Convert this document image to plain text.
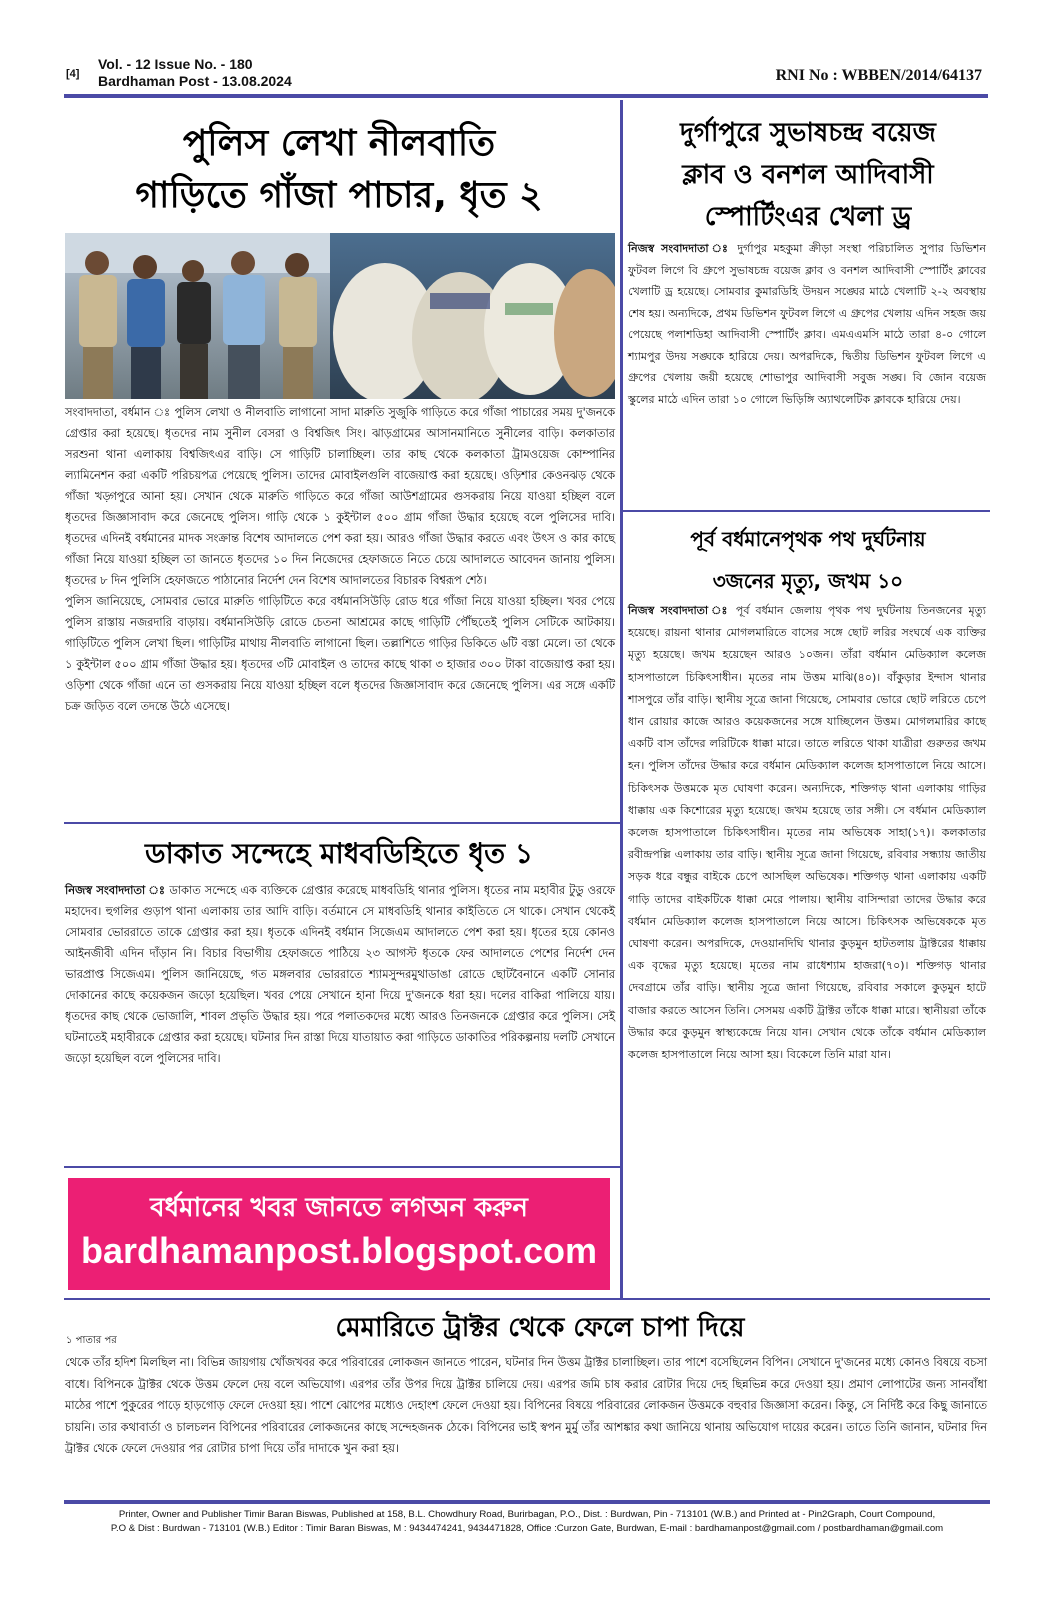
[4]
Vol. - 12 Issue No. - 180
Bardhaman Post - 13.08.2024	RNI No : WBBEN/2014/64137
পুলিস লেখা নীলবাতি
গাড়িতে গাঁজা পাচার, ধৃত ২

সংবাদদাতা, বর্ধমান ঃ পুলিস লেখা ও নীলবাতি লাগানো সাদা মারুতি সুজুকি গাড়িতে করে গাঁজা পাচারের সময় দু'জনকে গ্রেপ্তার করা হয়েছে। ধৃতদের নাম সুনীল বেসরা ও বিশ্বজিৎ সিং। ঝাড়গ্রামের আসানমানিতে সুনীলের বাড়ি। কলকাতার সরশুনা থানা এলাকায় বিশ্বজিৎএর বাড়ি। সে গাড়িটি চালাচ্ছিল। তার কাছ থেকে কলকাতা ট্রামওয়েজ কোম্পানির ল্যামিনেশন করা একটি পরিচয়পত্র পেয়েছে পুলিস। তাদের মোবাইলগুলি বাজেয়াপ্ত করা হয়েছে। ওড়িশার কেওনঝড় থেকে গাঁজা খড়্গপুরে আনা হয়। সেখান থেকে মারুতি গাড়িতে করে গাঁজা আউশগ্রামের গুসকরায় নিয়ে যাওয়া হচ্ছিল বলে ধৃতদের জিজ্ঞাসাবাদ করে জেনেছে পুলিস। গাড়ি থেকে ১ কুইন্টাল ৫০০ গ্রাম গাঁজা উদ্ধার হয়েছে বলে পুলিসের দাবি। ধৃতদের এদিনই বর্ধমানের মাদক সংক্রান্ত বিশেষ আদালতে পেশ করা হয়। আরও গাঁজা উদ্ধার করতে এবং উৎস ও কার কাছে গাঁজা নিয়ে যাওয়া হচ্ছিল তা জানতে ধৃতদের ১০ দিন নিজেদের হেফাজতে নিতে চেয়ে আদালতে আবেদন জানায় পুলিস। ধৃতদের ৮ দিন পুলিসি হেফাজতে পাঠানোর নির্দেশ দেন বিশেষ আদালতের বিচারক বিশ্বরূপ শেঠ।

পুলিস জানিয়েছে, সোমবার ভোরে মারুতি গাড়িটিতে করে বর্ধমানসিউড়ি রোড ধরে গাঁজা নিয়ে যাওয়া হচ্ছিল। খবর পেয়ে পুলিস রাস্তায় নজরদারি বাড়ায়। বর্ধমানসিউড়ি রোডে চেতনা আশ্রমের কাছে গাড়িটি পৌঁছতেই পুলিস সেটিকে আটকায়। গাড়িটিতে পুলিস লেখা ছিল। গাড়িটির মাথায় নীলবাতি লাগানো ছিল। তল্লাশিতে গাড়ির ডিকিতে ৬টি বস্তা মেলে। তা থেকে ১ কুইন্টাল ৫০০ গ্রাম গাঁজা উদ্ধার হয়। ধৃতদের ৩টি মোবাইল ও তাদের কাছে থাকা ৩ হাজার ৩০০ টাকা বাজেয়াপ্ত করা হয়। ওড়িশা থেকে গাঁজা এনে তা গুসকরায় নিয়ে যাওয়া হচ্ছিল বলে ধৃতদের জিজ্ঞাসাবাদ করে জেনেছে পুলিস। এর সঙ্গে একটি চক্র জড়িত বলে তদন্তে উঠে এসেছে।

ডাকাত সন্দেহে মাধবডিহিতে ধৃত ১

নিজস্ব সংবাদদাতা ঃ ডাকাত সন্দেহে এক ব্যক্তিকে গ্রেপ্তার করেছে মাধবডিহি থানার পুলিস। ধৃতের নাম মহাবীর টুডু ওরফে মহাদেব। হুগলির গুড়াপ থানা এলাকায় তার আদি বাড়ি। বর্তমানে সে মাধবডিহি থানার কাইতিতে সে থাকে। সেখান থেকেই সোমবার ভোররাতে তাকে গ্রেপ্তার করা হয়। ধৃতকে এদিনই বর্ধমান সিজেএম আদালতে পেশ করা হয়। ধৃতের হয়ে কোনও আইনজীবী এদিন দাঁড়ান নি। বিচার বিভাগীয় হেফাজতে পাঠিয়ে ২৩ আগস্ট ধৃতকে ফের আদালতে পেশের নির্দেশ দেন ভারপ্রাপ্ত সিজেএম। পুলিস জানিয়েছে, গত মঙ্গলবার ভোররাতে শ্যামসুন্দরমুথাডাঙা রোডে ছোটবৈনানে একটি সোনার দোকানের কাছে কয়েকজন জড়ো হয়েছিল। খবর পেয়ে সেখানে হানা দিয়ে দু'জনকে ধরা হয়। দলের বাকিরা পালিয়ে যায়। ধৃতদের কাছ থেকে ভোজালি, শাবল প্রভৃতি উদ্ধার হয়। পরে পলাতকদের মধ্যে আরও তিনজনকে গ্রেপ্তার করে পুলিস। সেই ঘটনাতেই মহাবীরকে গ্রেপ্তার করা হয়েছে। ঘটনার দিন রাস্তা দিয়ে যাতায়াত করা গাড়িতে ডাকাতির পরিকল্পনায় দলটি সেখানে জড়ো হয়েছিল বলে পুলিসের দাবি।

বর্ধমানের খবর জানতে লগঅন করুন
bardhamanpost.blogspot.com
দুর্গাপুরে সুভাষচন্দ্র বয়েজ
ক্লাব ও বনশল আদিবাসী
স্পোর্টিংএর খেলা ড্র

নিজস্ব সংবাদদাতা ঃ দুর্গাপুর মহকুমা ক্রীড়া সংস্থা পরিচালিত সুপার ডিভিশন ফুটবল লিগে বি গ্রুপে সুভাষচন্দ্র বয়েজ ক্লাব ও বনশল আদিবাসী স্পোর্টিং ক্লাবের খেলাটি ড্র হয়েছে। সোমবার কুমারডিহি উদয়ন সঙ্ঘের মাঠে খেলাটি ২-২ অবস্থায় শেষ হয়। অন্যদিকে, প্রথম ডিভিশন ফুটবল লিগে এ গ্রুপের খেলায় এদিন সহজ জয় পেয়েছে পলাশডিহা আদিবাসী স্পোর্টিং ক্লাব। এমএএমসি মাঠে তারা ৪-০ গোলে শ্যামপুর উদয় সঙ্ঘকে হারিয়ে দেয়। অপরদিকে, দ্বিতীয় ডিভিশন ফুটবল লিগে এ গ্রুপের খেলায় জয়ী হয়েছে শোভাপুর আদিবাসী সবুজ সঙ্ঘ। বি জোন বয়েজ স্কুলের মাঠে এদিন তারা ১০ গোলে ভিড়িঙ্গি অ্যাথলেটিক ক্লাবকে হারিয়ে দেয়।

পূর্ব বর্ধমানেপৃথক পথ দুর্ঘটনায়
৩জনের মৃত্যু, জখম ১০

নিজস্ব সংবাদদাতা ঃ পূর্ব বর্ধমান জেলায় পৃথক পথ দুর্ঘটনায় তিনজনের মৃত্যু হয়েছে। রায়না থানার মোগলমারিতে বাসের সঙ্গে ছোট লরির সংঘর্ষে এক ব্যক্তির মৃত্যু হয়েছে। জখম হয়েছেন আরও ১০জন। তাঁরা বর্ধমান মেডিক্যাল কলেজ হাসপাতালে চিকিৎসাধীন। মৃতের নাম উত্তম মাঝি(৪০)। বাঁকুড়ার ইন্দাস থানার শাসপুরে তাঁর বাড়ি। স্থানীয় সূত্রে জানা গিয়েছে, সোমবার ভোরে ছোট লরিতে চেপে ধান রোয়ার কাজে আরও কয়েকজনের সঙ্গে যাচ্ছিলেন উত্তম। মোগলমারির কাছে একটি বাস তাঁদের লরিটিকে ধাক্কা মারে। তাতে লরিতে থাকা যাত্রীরা গুরুতর জখম হন। পুলিস তাঁদের উদ্ধার করে বর্ধমান মেডিক্যাল কলেজ হাসপাতালে নিয়ে আসে। চিকিৎসক উত্তমকে মৃত ঘোষণা করেন। অন্যদিকে, শক্তিগড় থানা এলাকায় গাড়ির ধাক্কায় এক কিশোরের মৃত্যু হয়েছে। জখম হয়েছে তার সঙ্গী। সে বর্ধমান মেডিক্যাল কলেজ হাসপাতালে চিকিৎসাধীন। মৃতের নাম অভিষেক সাহা(১৭)। কলকাতার রবীন্দ্রপল্লি এলাকায় তার বাড়ি। স্থানীয় সূত্রে জানা গিয়েছে, রবিবার সন্ধ্যায় জাতীয় সড়ক ধরে বন্ধুর বাইকে চেপে আসছিল অভিষেক। শক্তিগড় থানা এলাকায় একটি গাড়ি তাদের বাইকটিকে ধাক্কা মেরে পালায়। স্থানীয় বাসিন্দারা তাদের উদ্ধার করে বর্ধমান মেডিক্যাল কলেজ হাসপাতালে নিয়ে আসে। চিকিৎসক অভিষেককে মৃত ঘোষণা করেন। অপরদিকে, দেওয়ানদিঘি থানার কুড়মুন হাটতলায় ট্রাক্টরের ধাক্কায় এক বৃদ্ধের মৃত্যু হয়েছে। মৃতের নাম রাধেশ্যাম হাজরা(৭০)। শক্তিগড় থানার দেবগ্রামে তাঁর বাড়ি। স্থানীয় সূত্রে জানা গিয়েছে, রবিবার সকালে কুড়মুন হাটে বাজার করতে আসেন তিনি। সেসময় একটি ট্রাক্টর তাঁকে ধাক্কা মারে। স্থানীয়রা তাঁকে উদ্ধার করে কুড়মুন স্বাস্থ্যকেন্দ্রে নিয়ে যান। সেখান থেকে তাঁকে বর্ধমান মেডিক্যাল কলেজ হাসপাতালে নিয়ে আসা হয়। বিকেলে তিনি মারা যান।

১ পাতার পর	মেমারিতে ট্রাক্টর থেকে ফেলে চাপা দিয়ে

থেকে তাঁর হদিশ মিলছিল না। বিভিন্ন জায়গায় খোঁজখবর করে পরিবারের লোকজন জানতে পারেন, ঘটনার দিন উত্তম ট্রাক্টর চালাচ্ছিল। তার পাশে বসেছিলেন বিপিন। সেখানে দু'জনের মধ্যে কোনও বিষয়ে বচসা বাধে। বিপিনকে ট্রাক্টর থেকে উত্তম ফেলে দেয় বলে অভিযোগ। এরপর তাঁর উপর দিয়ে ট্রাক্টর চালিয়ে দেয়। এরপর জমি চাষ করার রোটার দিয়ে দেহ ছিন্নভিন্ন করে দেওয়া হয়। প্রমাণ লোপাটের জন্য সানবাঁধা মাঠের পাশে পুকুরের পাড়ে হাড়গোড় ফেলে দেওয়া হয়। পাশে ঝোপের মধ্যেও দেহাংশ ফেলে দেওয়া হয়। বিপিনের বিষয়ে পরিবারের লোকজন উত্তমকে বহুবার জিজ্ঞাসা করেন। কিন্তু, সে নির্দিষ্ট করে কিছু জানাতে চায়নি। তার কথাবার্তা ও চালচলন বিপিনের পরিবারের লোকজনের কাছে সন্দেহজনক ঠেকে। বিপিনের ভাই স্বপন মুর্মু তাঁর আশঙ্কার কথা জানিয়ে থানায় অভিযোগ দায়ের করেন। তাতে তিনি জানান, ঘটনার দিন ট্রাক্টর থেকে ফেলে দেওয়ার পর রোটার চাপা দিয়ে তাঁর দাদাকে খুন করা হয়।

Printer, Owner and Publisher Timir Baran Biswas, Published at 158, B.L. Chowdhury Road, Burirbagan, P.O., Dist. : Burdwan, Pin - 713101 (W.B.) and Printed at - Pin2Graph, Court Compound,
P.O & Dist : Burdwan - 713101 (W.B.) Editor : Timir Baran Biswas, M : 9434474241, 9434471828, Office :Curzon Gate, Burdwan, E-mail : bardhamanpost@gmail.com / postbardhaman@gmail.com
